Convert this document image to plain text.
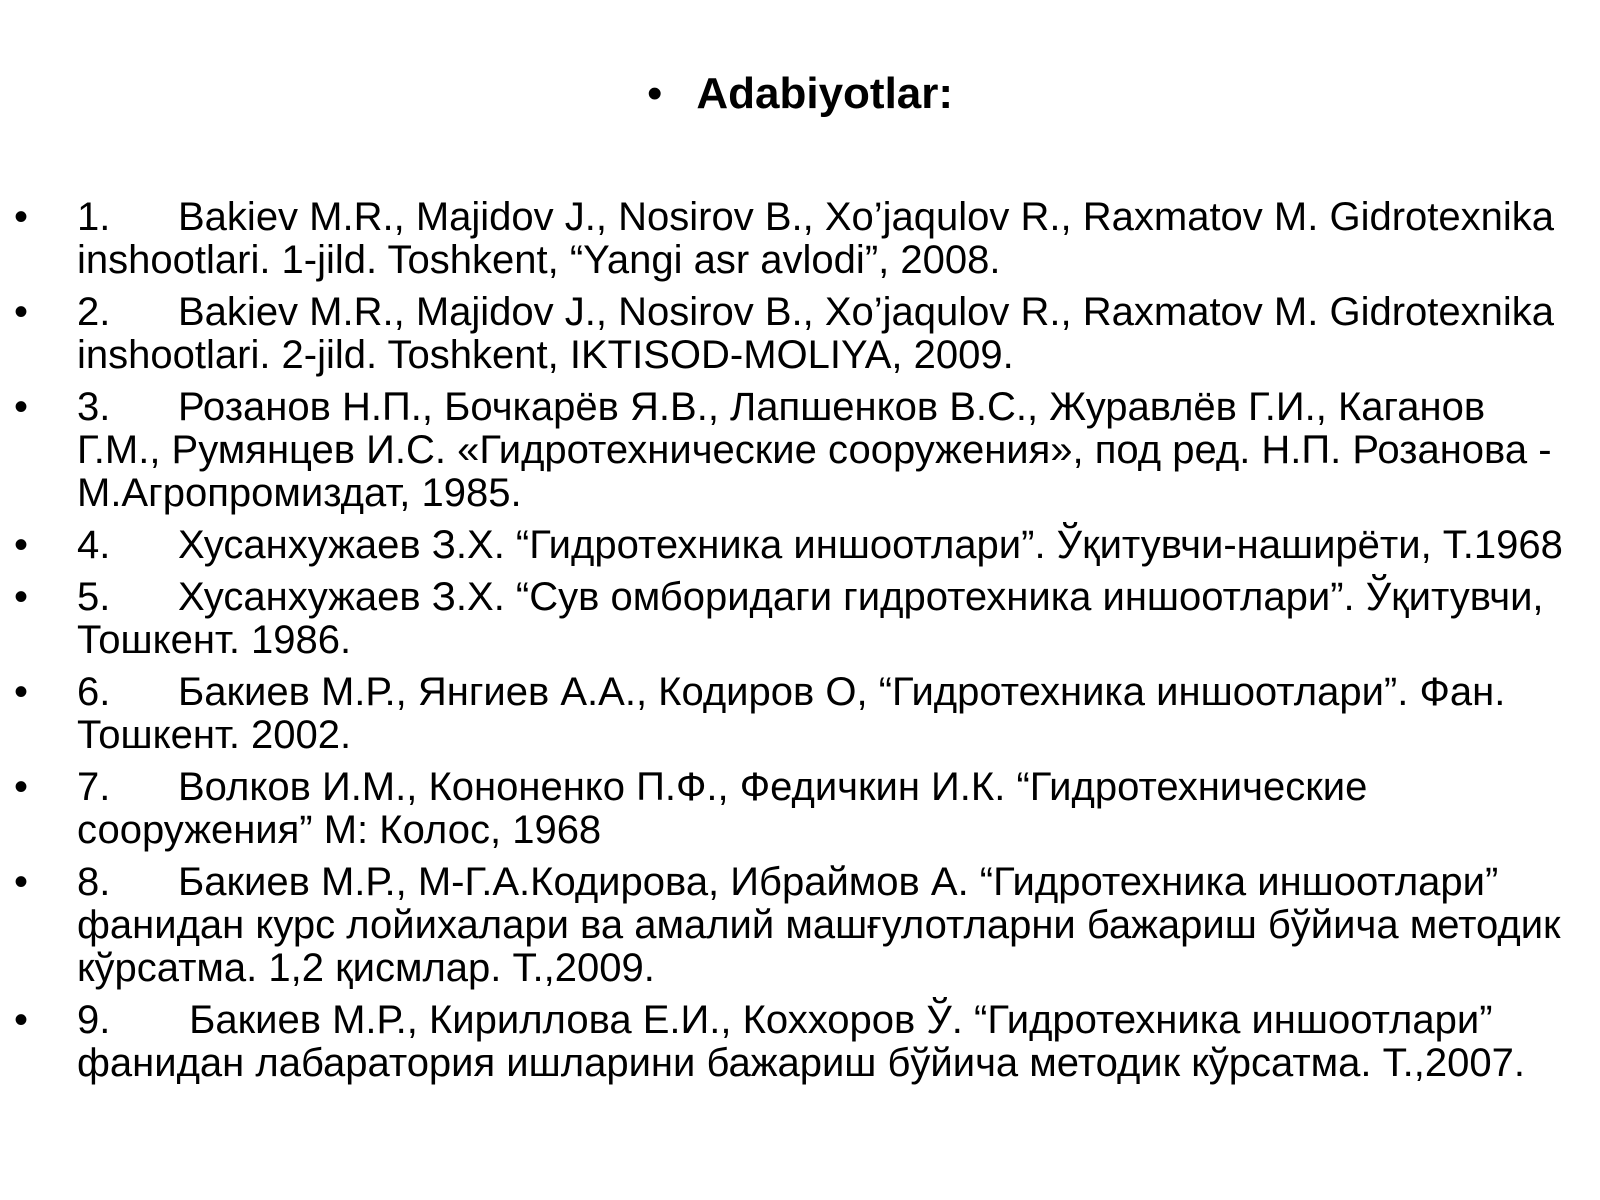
• Adabiyotlar:
• 1. Bakiev M.R., Majidov J., Nosirov B., Xo’jaqulov R., Raxmatov M. Gidrotexnika inshootlari. 1-jild. Toshkent, “Yangi asr avlodi”, 2008.
• 2. Bakiev M.R., Majidov J., Nosirov B., Xo’jaqulov R., Raxmatov M. Gidrotexnika inshootlari. 2-jild. Toshkent, IKTISOD-MOLIYA, 2009.
• 3. Розанов Н.П., Бочкарёв Я.В., Лапшенков В.С., Журавлёв Г.И., Каганов Г.М., Румянцев И.С. «Гидротехнические сооружения», под ред. Н.П. Розанова - М.Агропромиздат, 1985.
• 4. Хусанхужаев З.Х. “Гидротехника иншоотлари”. Ўқитувчи-наширёти, Т.1968
• 5. Хусанхужаев З.Х. “Сув омборидаги гидротехника иншоотлари”. Ўқитувчи, Тошкент. 1986.
• 6. Бакиев М.Р., Янгиев А.А., Кодиров О, “Гидротехника иншоотлари”. Фан. Тошкент. 2002.
• 7. Волков И.М., Кононенко П.Ф., Федичкин И.К. “Гидротехнические сооружения” М: Колос, 1968
• 8. Бакиев М.Р., М-Г.А.Кодирова, Ибраймов А. “Гидротехника иншоотлари” фанидан курс лойихалари ва амалий машғулотларни бажариш бўйича методик кўрсатма. 1,2 қисмлар. Т.,2009.
• 9. Бакиев М.Р., Кириллова Е.И., Коххоров Ў. “Гидротехника иншоотлари” фанидан лабаратория ишларини бажариш бўйича методик кўрсатма. Т.,2007.
